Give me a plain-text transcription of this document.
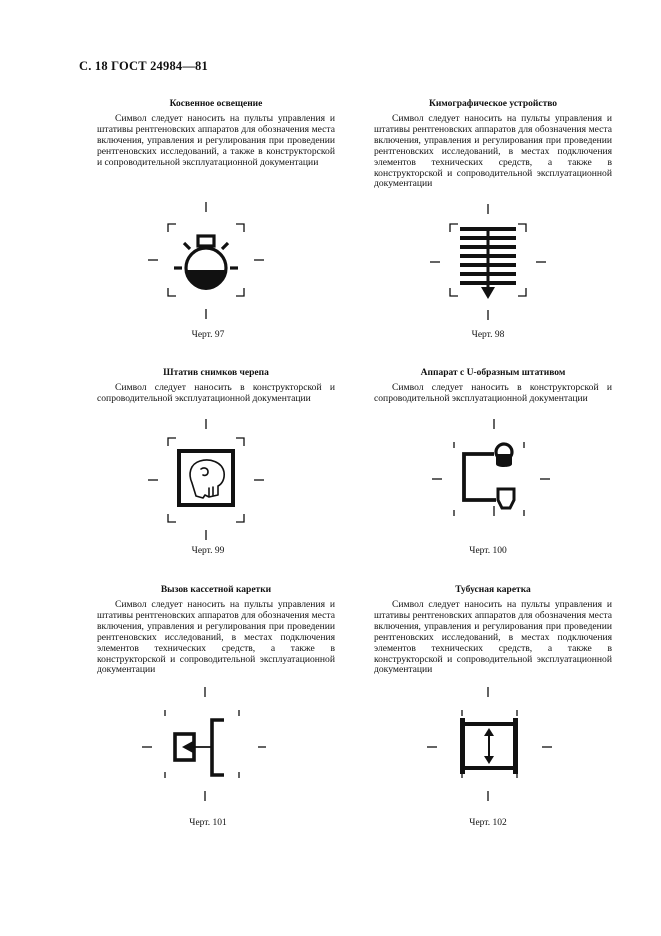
С. 18 ГОСТ 24984—81

Косвенное освещение

Символ следует наносить на пульты управления и штативы рентгеновских аппаратов для обозначения места включения, управления и регулирования при проведении рентгеновских исследований, а также в конструкторской и сопроводительной эксплуатационной документации

Черт. 97

Кимографическое устройство

Символ следует наносить на пульты управления и штативы рентгеновских аппаратов для обозначения места включения, управления и регулирования при проведении рентгеновских исследований, в местах подключения элементов технических средств, а также в конструкторской и сопроводительной эксплуатационной документации

Черт. 98

Штатив снимков черепа

Символ следует наносить в конструкторской и сопроводительной эксплуатационной документации

Черт. 99

Аппарат с U-образным штативом

Символ следует наносить в конструкторской и сопроводительной эксплуатационной документации

Черт. 100

Вызов кассетной каретки

Символ следует наносить на пульты управления и штативы рентгеновских аппаратов для обозначения места включения, управления и регулирования при проведении рентгеновских исследований, в местах подключения элементов технических средств, а также в конструкторской и сопроводительной эксплуатационной документации

Черт. 101

Тубусная каретка

Символ следует наносить на пульты управления и штативы рентгеновских аппаратов для обозначения места включения, управления и регулирования при проведении рентгеновских исследований, в местах подключения элементов технических средств, а также в конструкторской и сопроводительной эксплуатационной документации

Черт. 102
